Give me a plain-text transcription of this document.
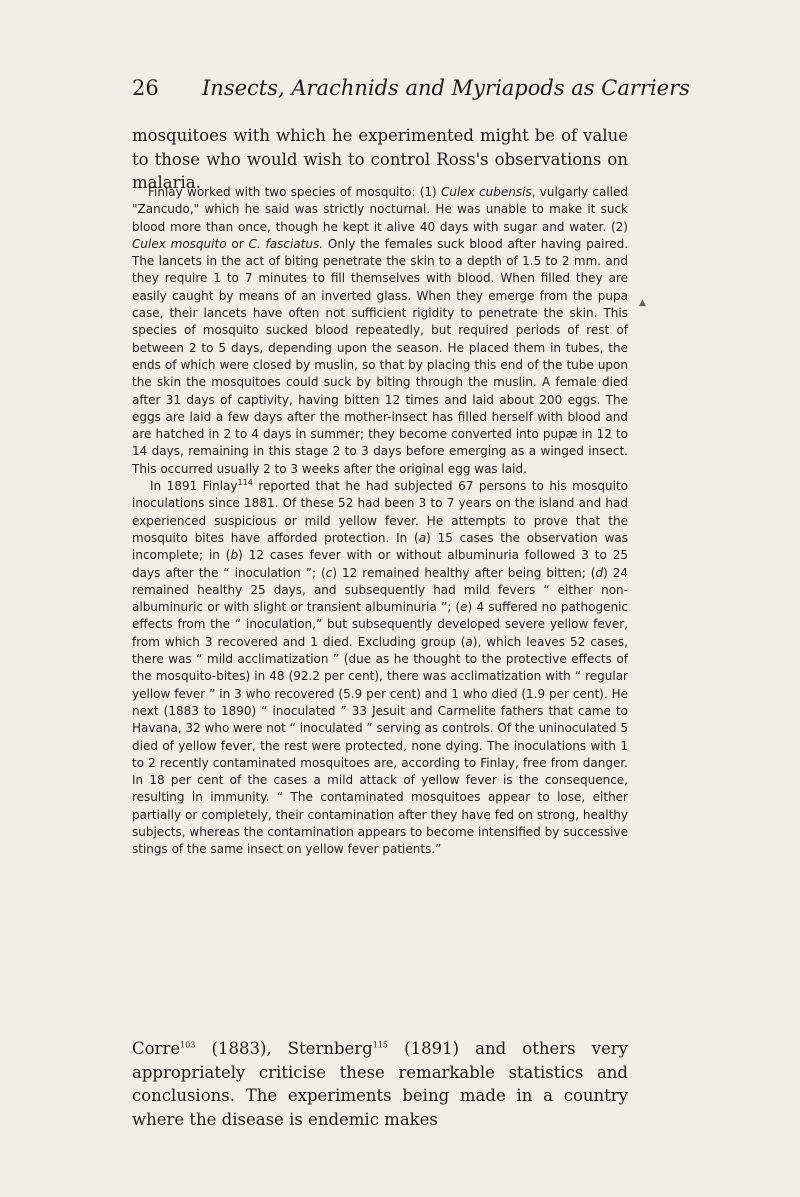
26 Insects, Arachnids and Myriapods as Carriers

mosquitoes with which he experimented might be of value to those who would wish to control Ross's observations on malaria.

Finlay worked with two species of mosquito: (1) Culex cubensis, vulgarly called "Zancudo," which he said was strictly nocturnal. He was unable to make it suck blood more than once, though he kept it alive 40 days with sugar and water. (2) Culex mosquito or C. fasciatus. Only the females suck blood after having paired. The lancets in the act of biting penetrate the skin to a depth of 1.5 to 2 mm. and they require 1 to 7 minutes to fill themselves with blood. When filled they are easily caught by means of an inverted glass. When they emerge from the pupa case, their lancets have often not sufficient rigidity to penetrate the skin. This species of mosquito sucked blood repeatedly, but required periods of rest of between 2 to 5 days, depending upon the season. He placed them in tubes, the ends of which were closed by muslin, so that by placing this end of the tube upon the skin the mosquitoes could suck by biting through the muslin. A female died after 31 days of captivity, having bitten 12 times and laid about 200 eggs. The eggs are laid a few days after the mother-insect has filled herself with blood and are hatched in 2 to 4 days in summer; they become converted into pupæ in 12 to 14 days, remaining in this stage 2 to 3 days before emerging as a winged insect. This occurred usually 2 to 3 weeks after the original egg was laid.

In 1891 Finlay$^{114}$ reported that he had subjected 67 persons to his mosquito inoculations since 1881. Of these 52 had been 3 to 7 years on the island and had experienced suspicious or mild yellow fever. He attempts to prove that the mosquito bites have afforded protection. In (a) 15 cases the observation was incomplete; in (b) 12 cases fever with or without albuminuria followed 3 to 25 days after the “ inoculation ”; (c) 12 remained healthy after being bitten; (d) 24 remained healthy 25 days, and subsequently had mild fevers “ either non-albuminuric or with slight or transient albuminuria ”; (e) 4 suffered no pathogenic effects from the “ inoculation,” but subsequently developed severe yellow fever, from which 3 recovered and 1 died. Excluding group (a), which leaves 52 cases, there was “ mild acclimatization ” (due as he thought to the protective effects of the mosquito-bites) in 48 (92.2 per cent), there was acclimatization with “ regular yellow fever ” in 3 who recovered (5.9 per cent) and 1 who died (1.9 per cent). He next (1883 to 1890) “ inoculated ” 33 Jesuit and Carmelite fathers that came to Havana, 32 who were not “ inoculated ” serving as controls. Of the uninoculated 5 died of yellow fever, the rest were protected, none dying. The inoculations with 1 to 2 recently contaminated mosquitoes are, according to Finlay, free from danger. In 18 per cent of the cases a mild attack of yellow fever is the consequence, resulting in immunity. “ The contaminated mosquitoes appear to lose, either partially or completely, their contamination after they have fed on strong, healthy subjects, whereas the contamination appears to become intensified by successive stings of the same insect on yellow fever patients.”

Corre$^{103}$ (1883), Sternberg$^{115}$ (1891) and others very appropriately criticise these remarkable statistics and conclusions. The experiments being made in a country where the disease is endemic makes

▲
